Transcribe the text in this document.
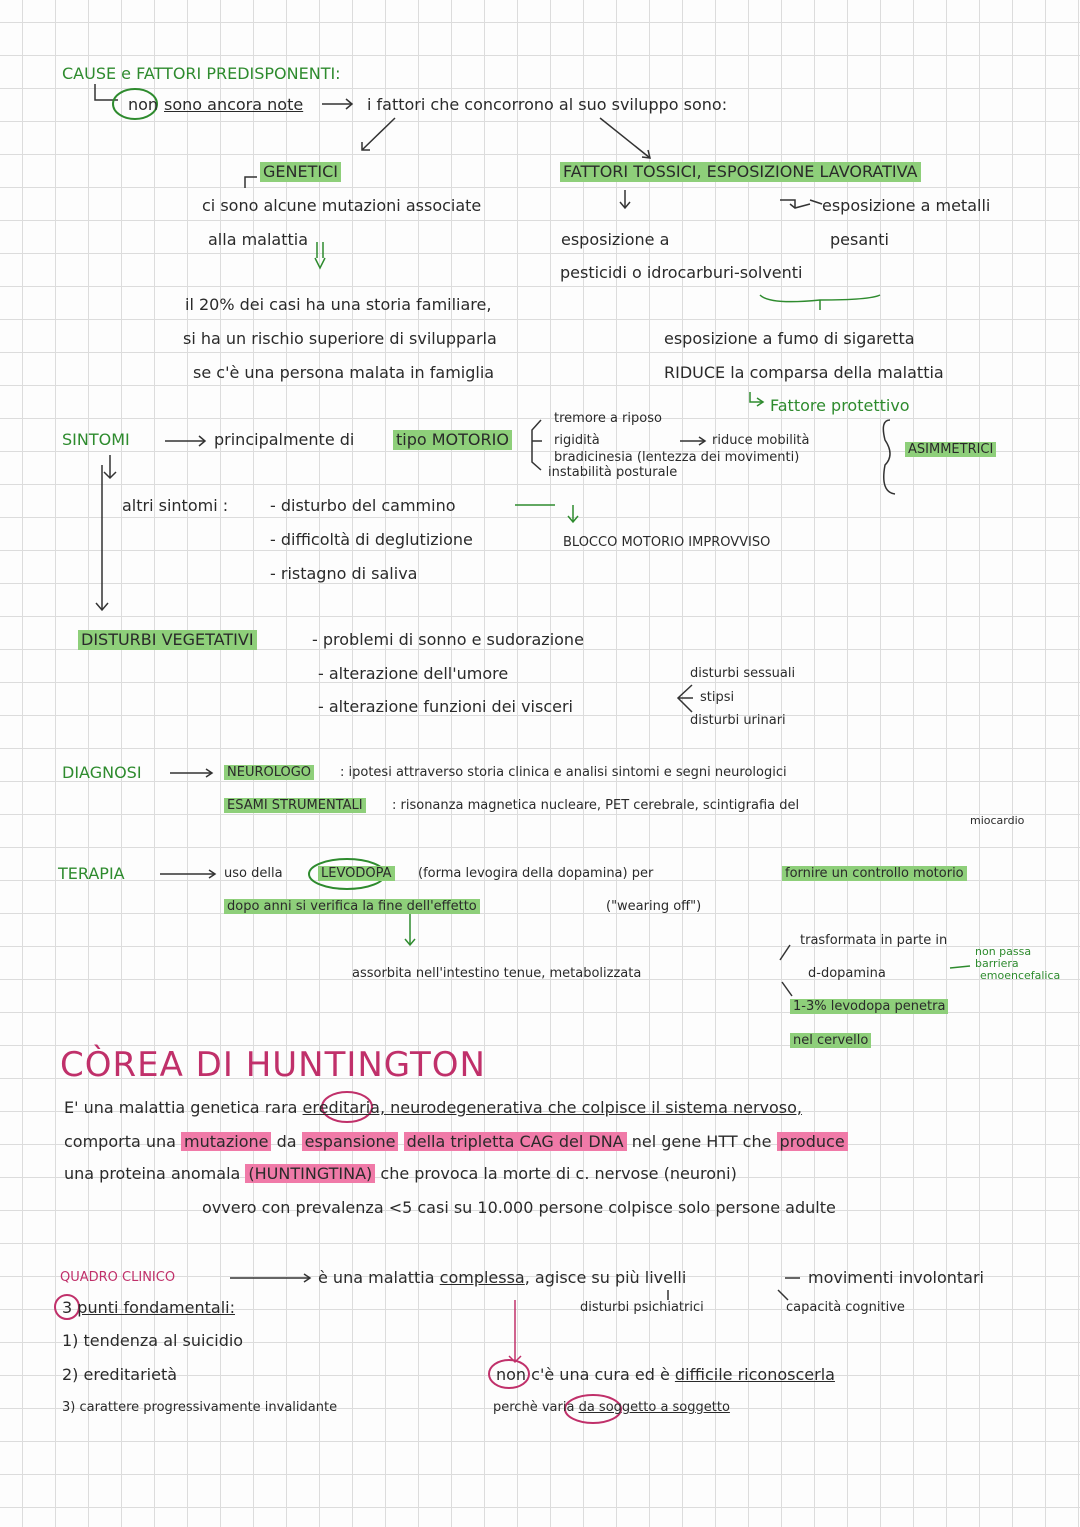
CAUSE e FATTORI PREDISPONENTI:
non sono ancora note	i fattori che concorrono al suo sviluppo sono:
GENETICI
ci sono alcune mutazioni associate
alla malattia
il 20% dei casi ha una storia familiare,
si ha un rischio superiore di svilupparla
se c'è una persona malata in famiglia
FATTORI TOSSICI, ESPOSIZIONE LAVORATIVA
esposizione a metalli
pesanti
esposizione a
pesticidi o idrocarburi-solventi
esposizione a fumo di sigaretta
RIDUCE la comparsa della malattia
Fattore protettivo
SINTOMI	principalmente di	tipo MOTORIO
tremore a riposo
rigidità	riduce mobilità
bradicinesia (lentezza dei movimenti)
instabilità posturale
ASIMMETRICI
altri sintomi :	- disturbo del cammino
- difficoltà di deglutizione
- ristagno di saliva
BLOCCO MOTORIO IMPROVVISO
DISTURBI VEGETATIVI	- problemi di sonno e sudorazione
- alterazione dell'umore
- alterazione funzioni dei visceri
disturbi sessuali
stipsi
disturbi urinari
DIAGNOSI	NEUROLOGO : ipotesi attraverso storia clinica e analisi sintomi e segni neurologici
ESAMI STRUMENTALI : risonanza magnetica nucleare, PET cerebrale, scintigrafia del
miocardio
TERAPIA	uso della	LEVODOPA (forma levogira della dopamina) per	fornire un controllo motorio
dopo anni si verifica la fine dell'effetto	("wearing off")
assorbita nell'intestino tenue, metabolizzata
trasformata in parte in
d-dopamina
non passa
barriera
emoencefalica
1-3% levodopa penetra
nel cervello
CÒREA DI HUNTINGTON
E' una malattia genetica rara ereditaria, neurodegenerativa che colpisce il sistema nervoso,
comporta una mutazione da espansione della tripletta CAG del DNA nel gene HTT che produce
una proteina anomala (HUNTINGTINA) che provoca la morte di c. nervose (neuroni)
ovvero con prevalenza <5 casi su 10.000 persone colpisce solo persone adulte
QUADRO CLINICO	è una malattia complessa, agisce su più livelli	movimenti involontari
disturbi psichiatrici	capacità cognitive
3 punti fondamentali:
1) tendenza al suicidio
2) ereditarietà
3) carattere progressivamente invalidante
non c'è una cura ed è difficile riconoscerla
perchè varia da soggetto a soggetto
